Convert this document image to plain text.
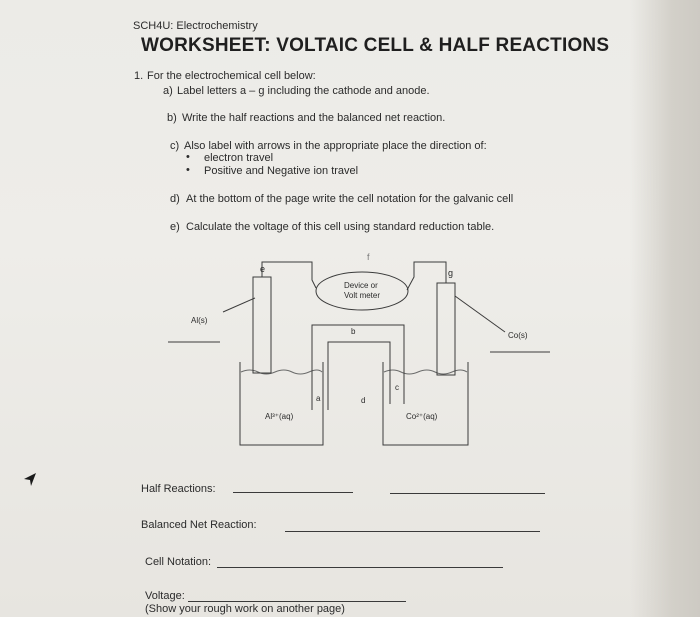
SCH4U: Electrochemistry
WORKSHEET: VOLTAIC CELL & HALF REACTIONS
1. For the electrochemical cell below:
a) Label letters a – g including the cathode and anode.
b) Write the half reactions and the balanced net reaction.
c) Also label with arrows in the appropriate place the direction of:
• electron travel
• Positive and Negative ion travel
d) At the bottom of the page write the cell notation for the galvanic cell
e) Calculate the voltage of this cell using standard reduction table.
e
f
g
b
a
c
d
Device or
Volt meter
Al(s)
Co(s)
Al³⁺(aq)	Co²⁺(aq)
Half Reactions:
Balanced Net Reaction:
Cell Notation:
Voltage:
(Show your rough work on another page)
